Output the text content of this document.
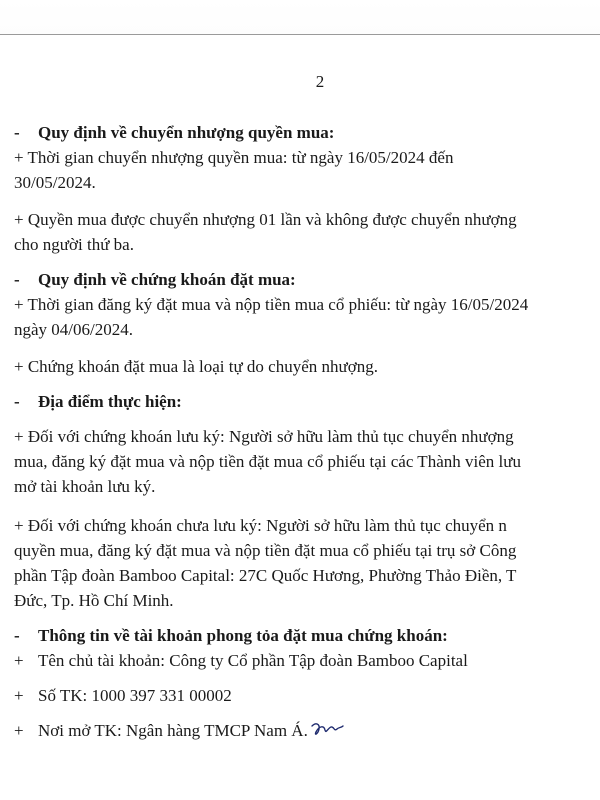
2

- Quy định về chuyển nhượng quyền mua:

+ Thời gian chuyển nhượng quyền mua: từ ngày 16/05/2024 đến

30/05/2024.

+ Quyền mua được chuyển nhượng 01 lần và không được chuyển nhượng

cho người thứ ba.

- Quy định về chứng khoán đặt mua:

+ Thời gian đăng ký đặt mua và nộp tiền mua cổ phiếu: từ ngày 16/05/2024

ngày 04/06/2024.

+ Chứng khoán đặt mua là loại tự do chuyển nhượng.

- Địa điểm thực hiện:

+ Đối với chứng khoán lưu ký: Người sở hữu làm thủ tục chuyển nhượng

mua, đăng ký đặt mua và nộp tiền đặt mua cổ phiếu tại các Thành viên lưu

mở tài khoản lưu ký.

+ Đối với chứng khoán chưa lưu ký: Người sở hữu làm thủ tục chuyển n

quyền mua, đăng ký đặt mua và nộp tiền đặt mua cổ phiếu tại trụ sở Công

phần Tập đoàn Bamboo Capital: 27C Quốc Hương, Phường Thảo Điền, T

Đức, Tp. Hồ Chí Minh.

- Thông tin về tài khoản phong tỏa đặt mua chứng khoán:

+ Tên chủ tài khoản: Công ty Cổ phần Tập đoàn Bamboo Capital

+ Số TK: 1000 397 331 00002

+ Nơi mở TK: Ngân hàng TMCP Nam Á.
